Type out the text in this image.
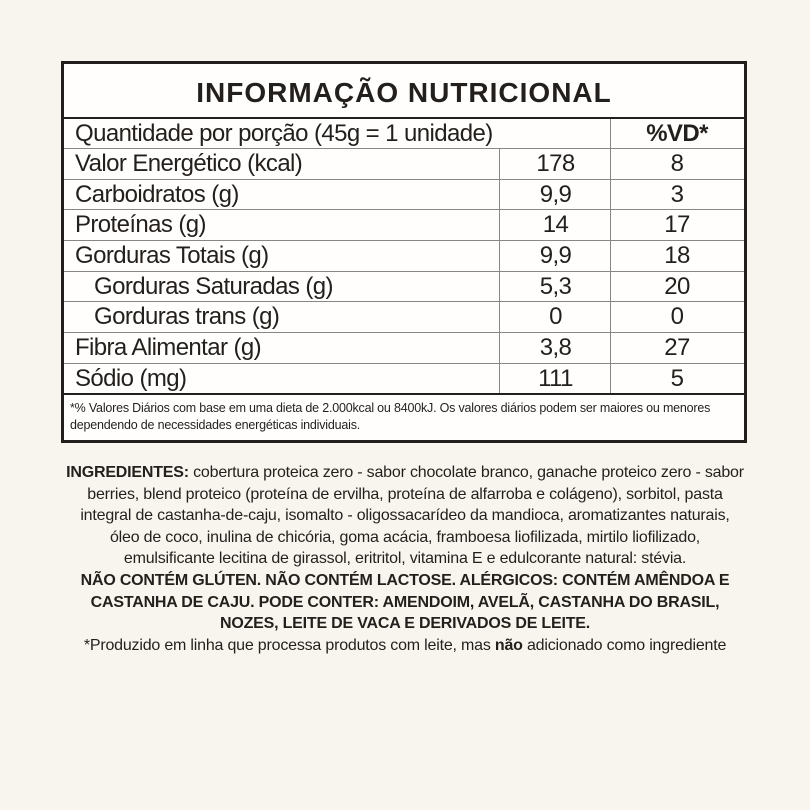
INFORMAÇÃO NUTRICIONAL
Quantidade por porção (45g = 1 unidade)	%VD*
Valor Energético (kcal)	178	8
Carboidratos (g)	9,9	3
Proteínas (g)	14	17
Gorduras Totais (g)	9,9	18
Gorduras Saturadas (g)	5,3	20
Gorduras trans (g)	0	0
Fibra Alimentar (g)	3,8	27
Sódio (mg)	111	5
*% Valores Diários com base em uma dieta de 2.000kcal ou 8400kJ. Os valores diários podem ser maiores ou menores dependendo de necessidades energéticas individuais.
INGREDIENTES: cobertura proteica zero - sabor chocolate branco, ganache proteico zero - sabor berries, blend proteico (proteína de ervilha, proteína de alfarroba e colágeno), sorbitol, pasta integral de castanha-de-caju, isomalto - oligossacarídeo da mandioca, aromatizantes naturais, óleo de coco, inulina de chicória, goma acácia, framboesa liofilizada, mirtilo liofilizado, emulsificante lecitina de girassol, eritritol, vitamina E e edulcorante natural: stévia.
NÃO CONTÉM GLÚTEN. NÃO CONTÉM LACTOSE. ALÉRGICOS: CONTÉM AMÊNDOA E CASTANHA DE CAJU. PODE CONTER: AMENDOIM, AVELÃ, CASTANHA DO BRASIL, NOZES, LEITE DE VACA E DERIVADOS DE LEITE.
*Produzido em linha que processa produtos com leite, mas não adicionado como ingrediente
